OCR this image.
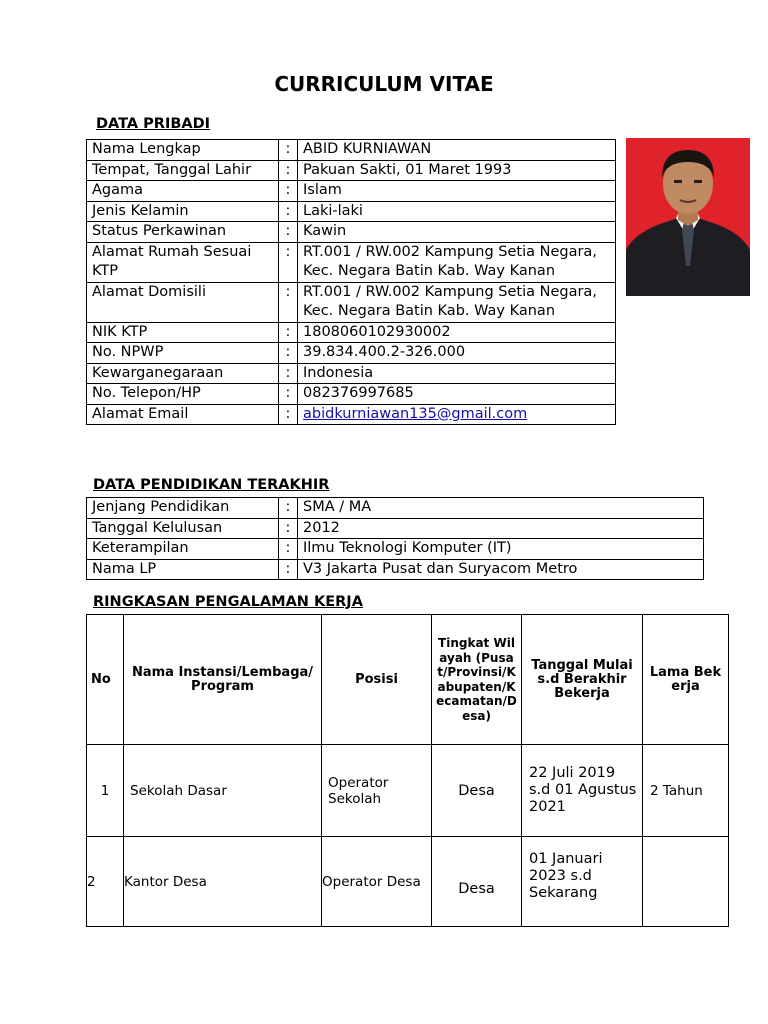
CURRICULUM VITAE
DATA PRIBADI
Nama Lengkap	:	ABID KURNIAWAN
Tempat, Tanggal Lahir	:	Pakuan Sakti, 01 Maret 1993
Agama	:	Islam
Jenis Kelamin	:	Laki-laki
Status Perkawinan	:	Kawin
Alamat Rumah Sesuai KTP	:	RT.001 / RW.002 Kampung Setia Negara, Kec. Negara Batin Kab. Way Kanan
Alamat Domisili	:	RT.001 / RW.002 Kampung Setia Negara, Kec. Negara Batin Kab. Way Kanan
NIK KTP	:	1808060102930002
No. NPWP	:	39.834.400.2-326.000
Kewarganegaraan	:	Indonesia
No. Telepon/HP	:	082376997685
Alamat Email	:	abidkurniawan135@gmail.com
DATA PENDIDIKAN TERAKHIR
Jenjang Pendidikan	:	SMA / MA
Tanggal Kelulusan	:	2012
Keterampilan	:	Ilmu Teknologi Komputer (IT)
Nama LP	:	V3 Jakarta Pusat dan Suryacom Metro
RINGKASAN PENGALAMAN KERJA
No	Nama Instansi/Lembaga/Program	Posisi	Tingkat Wilayah (Pusat/Provinsi/Kabupaten/Kecamatan/Desa)	Tanggal Mulai s.d Berakhir Bekerja	Lama Bekerja
1	Sekolah Dasar	Operator Sekolah	Desa	22 Juli 2019 s.d 01 Agustus 2021	2 Tahun
2	Kantor Desa	Operator Desa	Desa	01 Januari 2023 s.d Sekarang	
